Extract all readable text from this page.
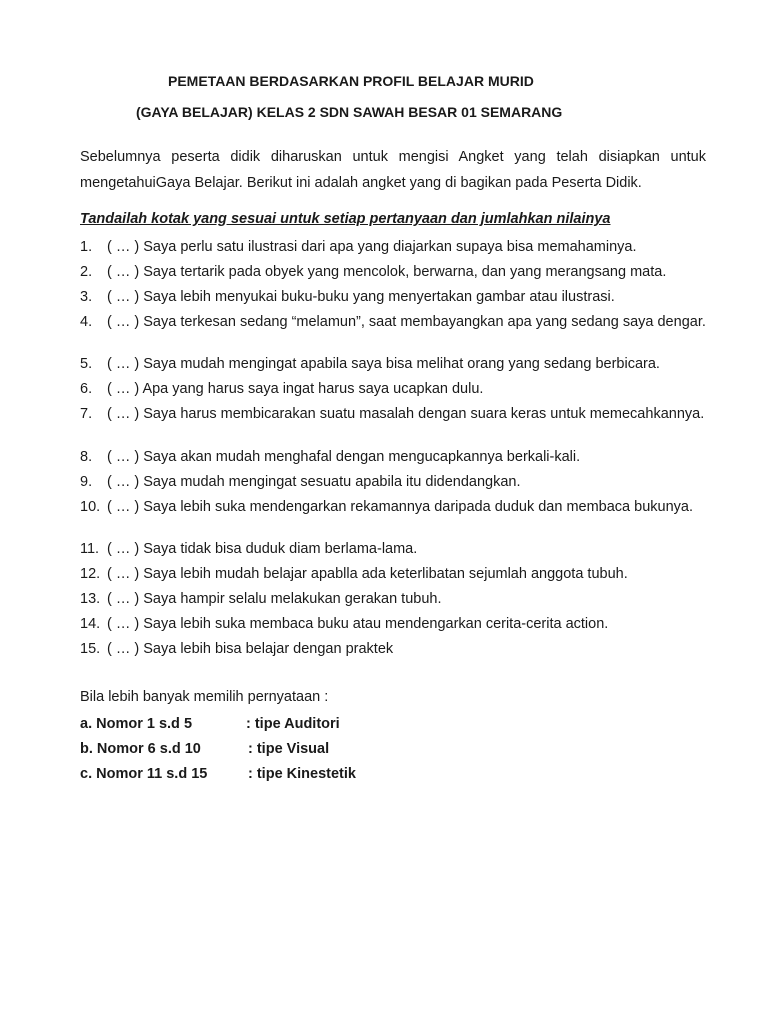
PEMETAAN BERDASARKAN PROFIL BELAJAR MURID
(GAYA BELAJAR) KELAS 2 SDN SAWAH BESAR 01 SEMARANG
Sebelumnya peserta didik diharuskan untuk mengisi Angket yang telah disiapkan untuk mengetahuiGaya Belajar. Berikut ini adalah angket yang di bagikan pada Peserta Didik.
Tandailah kotak yang sesuai untuk setiap pertanyaan dan jumlahkan nilainya
1. ( … ) Saya perlu satu ilustrasi dari apa yang diajarkan supaya bisa memahaminya.
2. ( … ) Saya tertarik pada obyek yang mencolok, berwarna, dan yang merangsang mata.
3. ( … ) Saya lebih menyukai buku-buku yang menyertakan gambar atau ilustrasi.
4. ( … ) Saya terkesan sedang “melamun”, saat membayangkan apa yang sedang saya dengar.
5. ( … ) Saya mudah mengingat apabila saya bisa melihat orang yang sedang berbicara.
6. ( … ) Apa yang harus saya ingat harus saya ucapkan dulu.
7. ( … ) Saya harus membicarakan suatu masalah dengan suara keras untuk memecahkannya.
8. ( … ) Saya akan mudah menghafal dengan mengucapkannya berkali-kali.
9. ( … ) Saya mudah mengingat sesuatu apabila itu didendangkan.
10. ( … ) Saya lebih suka mendengarkan rekamannya daripada duduk dan membaca bukunya.
11. ( … ) Saya tidak bisa duduk diam berlama-lama.
12. ( … ) Saya lebih mudah belajar apablla ada keterlibatan sejumlah anggota tubuh.
13. ( … ) Saya hampir selalu melakukan gerakan tubuh.
14. ( … ) Saya lebih suka membaca buku atau mendengarkan cerita-cerita action.
15. ( … ) Saya lebih bisa belajar dengan praktek
Bila lebih banyak memilih pernyataan :
a. Nomor 1 s.d 5	: tipe Auditori
b. Nomor 6 s.d 10	: tipe Visual
c. Nomor 11 s.d 15	: tipe Kinestetik
